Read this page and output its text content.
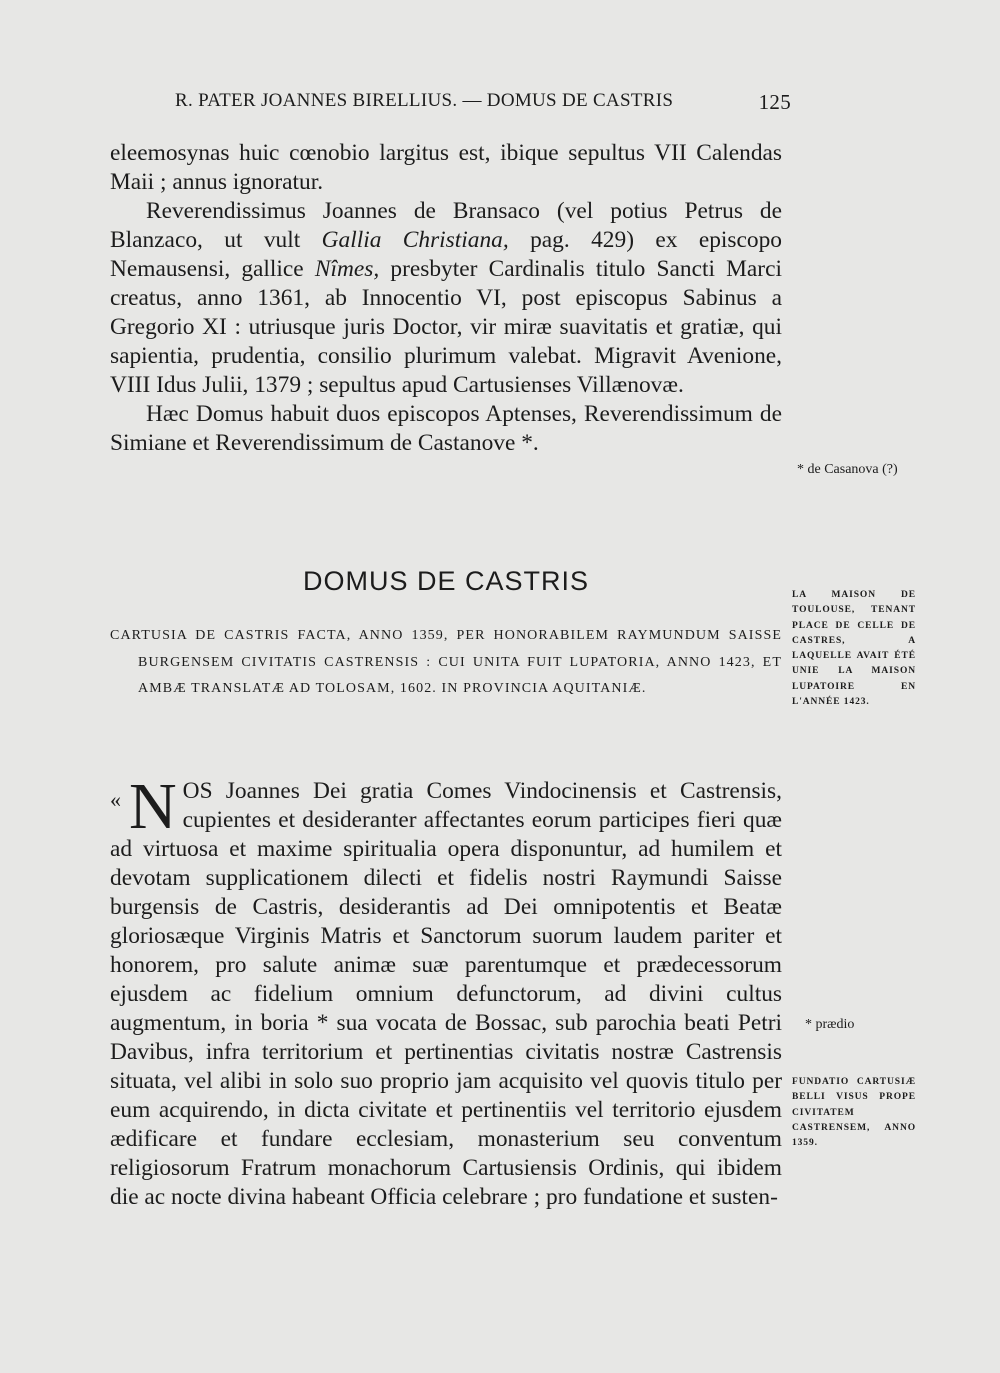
R. PATER JOANNES BIRELLIUS. — DOMUS DE CASTRIS	125

eleemosynas huic cœnobio largitus est, ibique sepultus VII Calendas Maii ; annus ignoratur.

Reverendissimus Joannes de Bransaco (vel potius Petrus de Blanzaco, ut vult Gallia Christiana, pag. 429) ex episcopo Nemausensi, gallice Nîmes, presbyter Cardinalis titulo Sancti Marci creatus, anno 1361, ab Innocentio VI, post episcopus Sabinus a Gregorio XI : utriusque juris Doctor, vir miræ suavitatis et gratiæ, qui sapientia, prudentia, consilio plurimum valebat. Migravit Avenione, VIII Idus Julii, 1379 ; sepultus apud Cartusienses Villænovæ.

Hæc Domus habuit duos episcopos Aptenses, Reverendissimum de Simiane et Reverendissimum de Castanove *.

* de Casanova (?)
DOMUS DE CASTRIS	LA MAISON DE TOULOUSE, TENANT PLACE DE CELLE DE CASTRES, A LAQUELLE AVAIT ÉTÉ UNIE LA MAISON LUPATOIRE EN L'ANNÉE 1423.

CARTUSIA DE CASTRIS FACTA, ANNO 1359, PER HONORABILEM RAYMUNDUM SAISSE BURGENSEM CIVITATIS CASTRENSIS : CUI UNITA FUIT LUPATORIA, ANNO 1423, ET AMBÆ TRANSLATÆ AD TOLOSAM, 1602. IN PROVINCIA AQUITANIÆ.

« N OS Joannes Dei gratia Comes Vindocinensis et Castrensis, cupientes et desideranter affectantes eorum participes fieri quæ ad virtuosa et maxime spiritualia opera disponuntur, ad humilem et devotam supplicationem dilecti et fidelis nostri Raymundi Saisse burgensis de Castris, desiderantis ad Dei omnipotentis et Beatæ gloriosæque Virginis Matris et Sanctorum suorum laudem pariter et honorem, pro salute animæ suæ parentumque et prædecessorum ejusdem ac fidelium omnium defunctorum, ad divini cultus augmentum, in boria * sua vocata de Bossac, sub parochia beati Petri Davibus, infra territorium et pertinentias civitatis nostræ Castrensis situata, vel alibi in solo suo proprio jam acquisito vel quovis titulo per eum acquirendo, in dicta civitate et pertinentiis vel territorio ejusdem ædificare et fundare ecclesiam, monasterium seu conventum religiosorum Fratrum monachorum Cartusiensis Ordinis, qui ibidem die ac nocte divina habeant Officia celebrare ; pro fundatione et susten-

* prædio
FUNDATIO CARTUSIÆ BELLI VISUS PROPE CIVITATEM CASTRENSEM, ANNO 1359.
